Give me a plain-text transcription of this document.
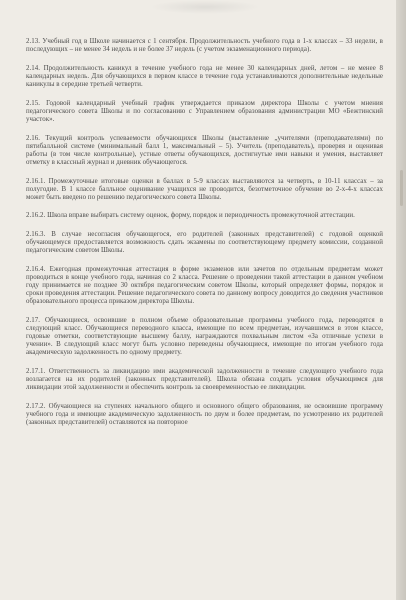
2.13. Учебный год в Школе начинается с 1 сентября. Продолжительность учебного года в 1-х классах – 33 недели, в последующих – не менее 34 недель и не более 37 недель (с учетом экзаменационного периода).

2.14. Продолжительность каникул в течение учебного года не менее 30 календарных дней, летом – не менее 8 календарных недель. Для обучающихся в первом классе в течение года устанавливаются дополнительные недельные каникулы в середине третьей четверти.

2.15. Годовой календарный учебный график утверждается приказом директора Школы с учетом мнения педагогического совета Школы и по согласованию с Управлением образования администрации МО «Бежтинский участок».

2.16. Текущий контроль успеваемости обучающихся Школы (выставление „учителями (преподавателями) по пятибалльной системе (минимальный балл 1, максимальный – 5). Учитель (преподаватель), проверяя и оценивая работы (в том числе контрольные), устные ответы обучающихся, достигнутые ими навыки и умения, выставляет отметку в классный журнал и дневник обучающегося.

2.16.1. Промежуточные итоговые оценки в баллах в 5-9 классах выставляются за четверть, в 10-11 классах – за полугодие. В 1 классе балльное оценивание учащихся не проводится, безотметочное обучение во 2-х-4-х классах может быть введено по решению педагогического совета Школы.

2.16.2. Школа вправе выбирать систему оценок, форму, порядок и периодичность промежуточной аттестации.

2.16.3. В случае несогласия обучающегося, его родителей (законных представителей) с годовой оценкой обучающемуся предоставляется возможность сдать экзамены по соответствующему предмету комиссии, созданной педагогическим советом Школы.

2.16.4. Ежегодная промежуточная аттестация в форме экзаменов или зачетов по отдельным предметам может проводиться в конце учебного года, начиная со 2 класса. Решение о проведении такой аттестации в данном учебном году принимается не позднее 30 октября педагогическим советом Школы, который определяет формы, порядок и сроки проведения аттестации. Решение педагогического совета по данному вопросу доводится до сведения участников образовательного процесса приказом директора Школы.

2.17. Обучающиеся, освоившие в полном объеме образовательные программы учебного года, переводятся в следующий класс. Обучающиеся переводного класса, имеющие по всем предметам, изучавшимся в этом классе, годовые отметки, соответствующие высшему баллу, награждаются похвальным листом «За отличные успехи в учении». В следующий класс могут быть условно переведены обучающиеся, имеющие по итогам учебного года академическую задолженность по одному предмету.

2.17.1. Ответственность за ликвидацию ими академической задолженности в течение следующего учебного года возлагается на их родителей (законных представителей). Школа обязана создать условия обучающимся для ликвидации этой задолженности и обеспечить контроль за своевременностью ее ликвидации.

2.17.2. Обучающиеся на ступенях начального общего и основного общего образования, не освоившие программу учебного года и имеющие академическую задолженность по двум и более предметам, по усмотрению их родителей (законных представителей) оставляются на повторное
